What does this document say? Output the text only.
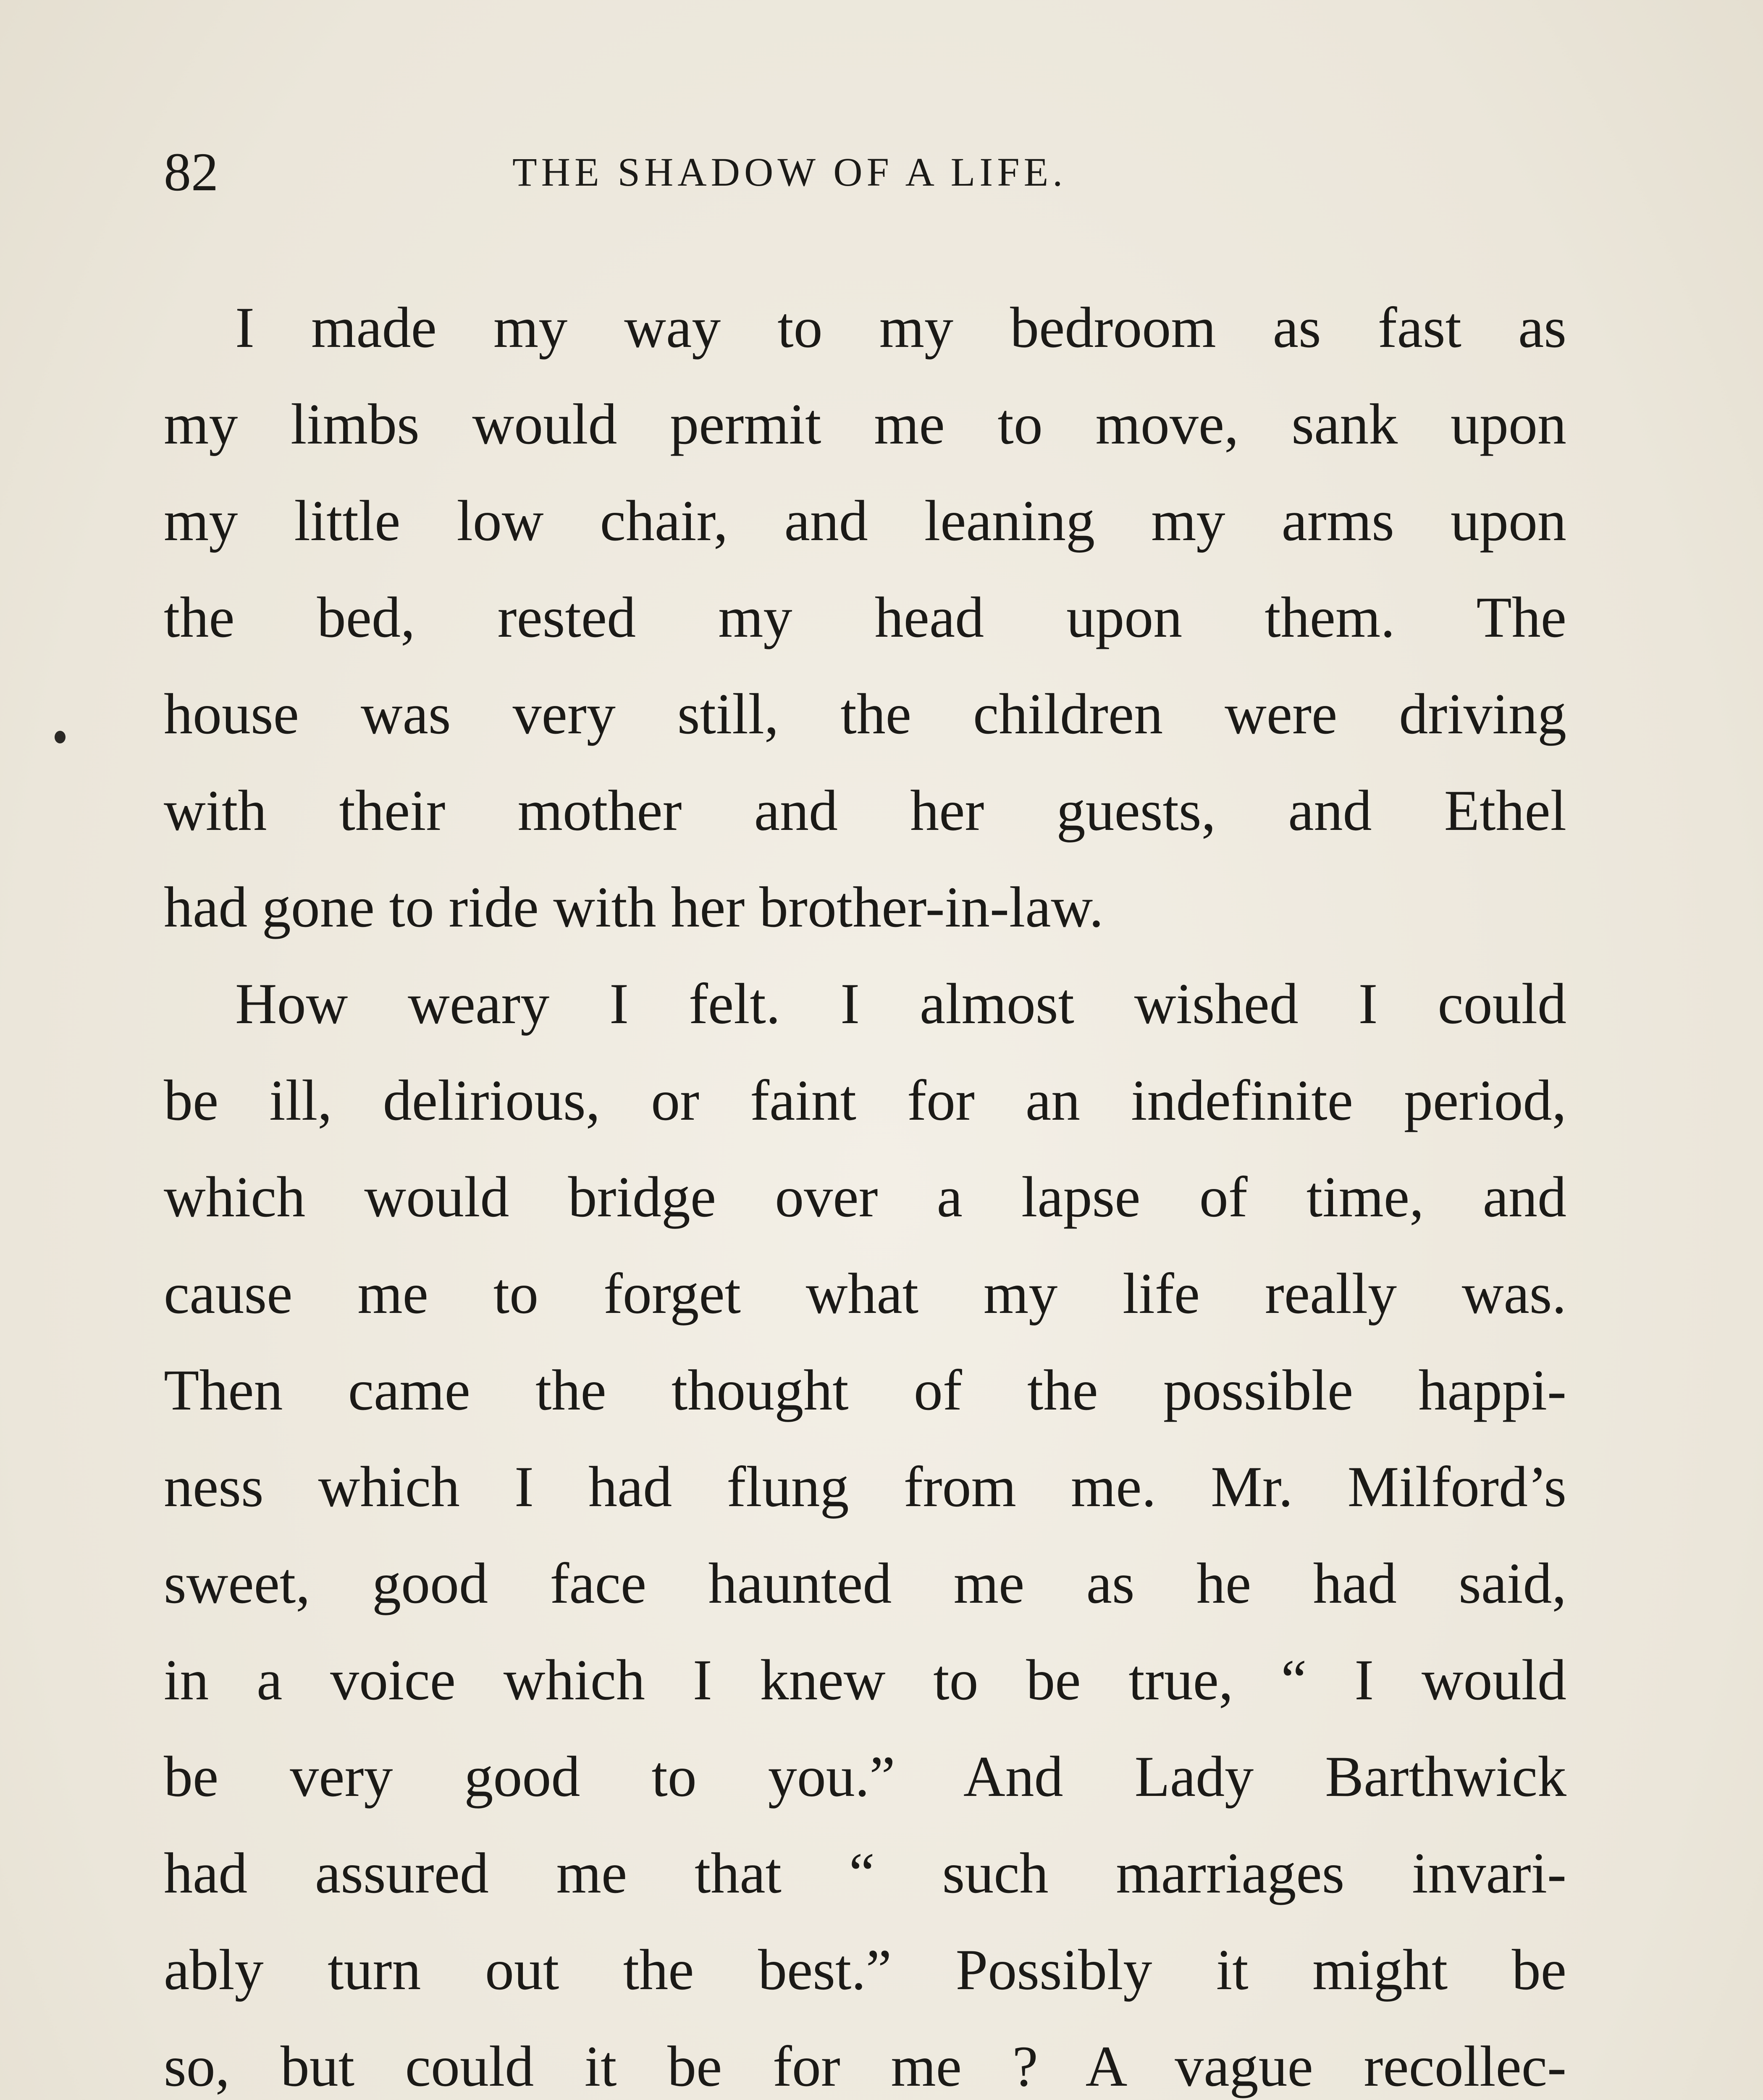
82	THE SHADOW OF A LIFE.
I made my way to my bedroom as fast as
my limbs would permit me to move, sank upon
my little low chair, and leaning my arms upon
the bed, rested my head upon them. The
house was very still, the children were driving
with their mother and her guests, and Ethel
had gone to ride with her brother-in-law.
How weary I felt. I almost wished I could
be ill, delirious, or faint for an indefinite period,
which would bridge over a lapse of time, and
cause me to forget what my life really was.
Then came the thought of the possible happi-
ness which I had flung from me. Mr. Milford’s
sweet, good face haunted me as he had said,
in a voice which I knew to be true, “ I would
be very good to you.” And Lady Barthwick
had assured me that “ such marriages invari-
ably turn out the best.” Possibly it might be
so, but could it be for me ? A vague recollec-
